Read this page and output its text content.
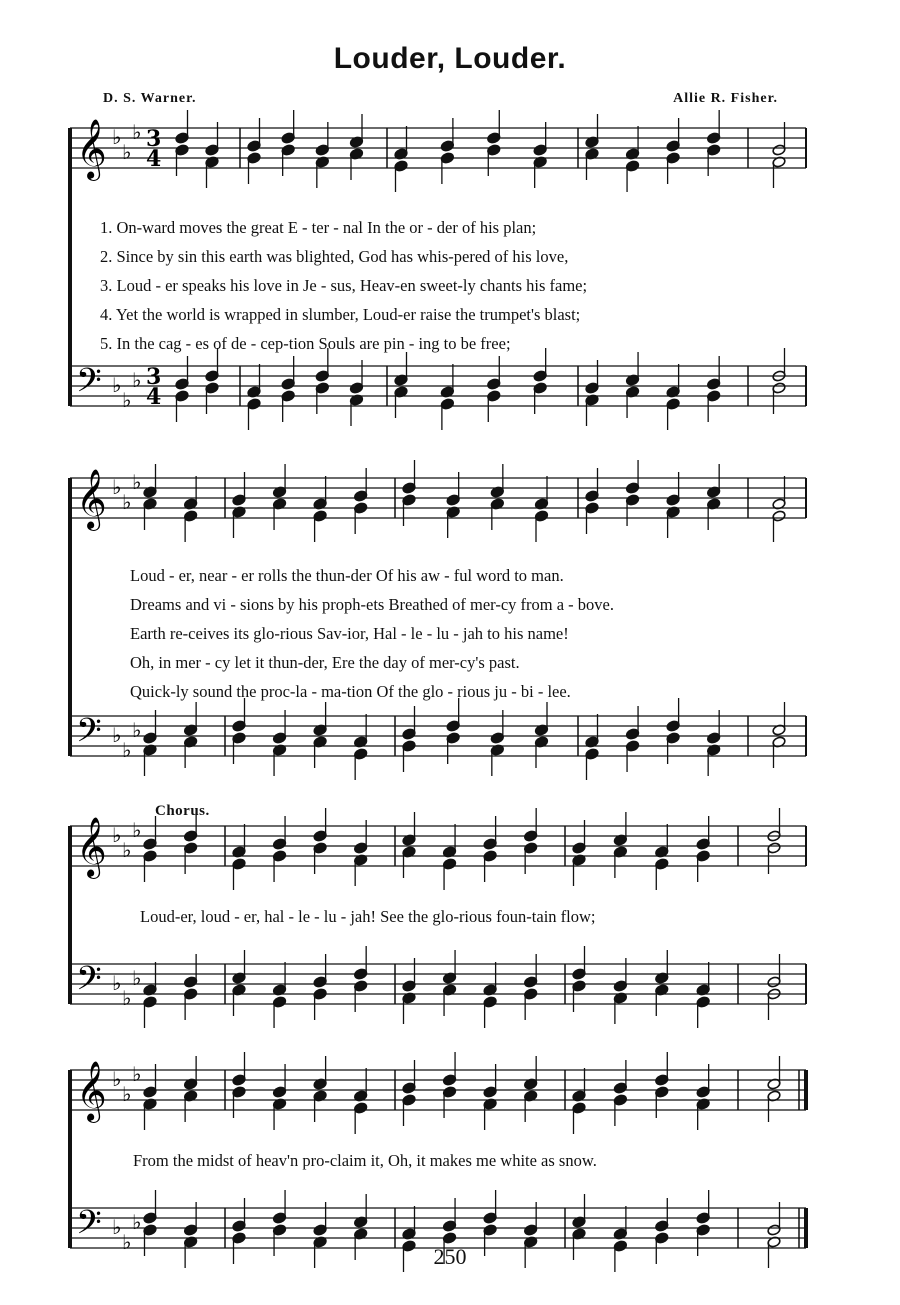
𝄞 ♭
♭
♭ 3
4
𝄢 ♭
♭
♭ 3
4
𝄞 ♭
♭
♭
𝄢 ♭
♭
♭
𝄞 ♭
♭
♭
𝄢 ♭
♭
♭
𝄞 ♭
♭
♭
𝄢 ♭
♭
♭
Louder, Louder.
D. S. Warner.	Allie R. Fisher.
1. On-ward moves the great E - ter - nal In the or - der of his plan;
2. Since by sin this earth was blighted, God has whis-pered of his love,
3. Loud - er speaks his love in Je - sus, Heav-en sweet-ly chants his fame;
4. Yet the world is wrapped in slumber, Loud-er raise the trumpet's blast;
5. In the cag - es of de - cep-tion Souls are pin - ing to be free;
Loud - er, near - er rolls the thun-der Of his aw - ful word to man.
Dreams and vi - sions by his proph-ets Breathed of mer-cy from a - bove.
Earth re-ceives its glo-rious Sav-ior, Hal - le - lu - jah to his name!
Oh, in mer - cy let it thun-der, Ere the day of mer-cy's past.
Quick-ly sound the proc-la - ma-tion Of the glo - rious ju - bi - lee.
Chorus.
Loud-er, loud - er, hal - le - lu - jah! See the glo-rious foun-tain flow;
From the midst of heav'n pro-claim it, Oh, it makes me white as snow.
250
